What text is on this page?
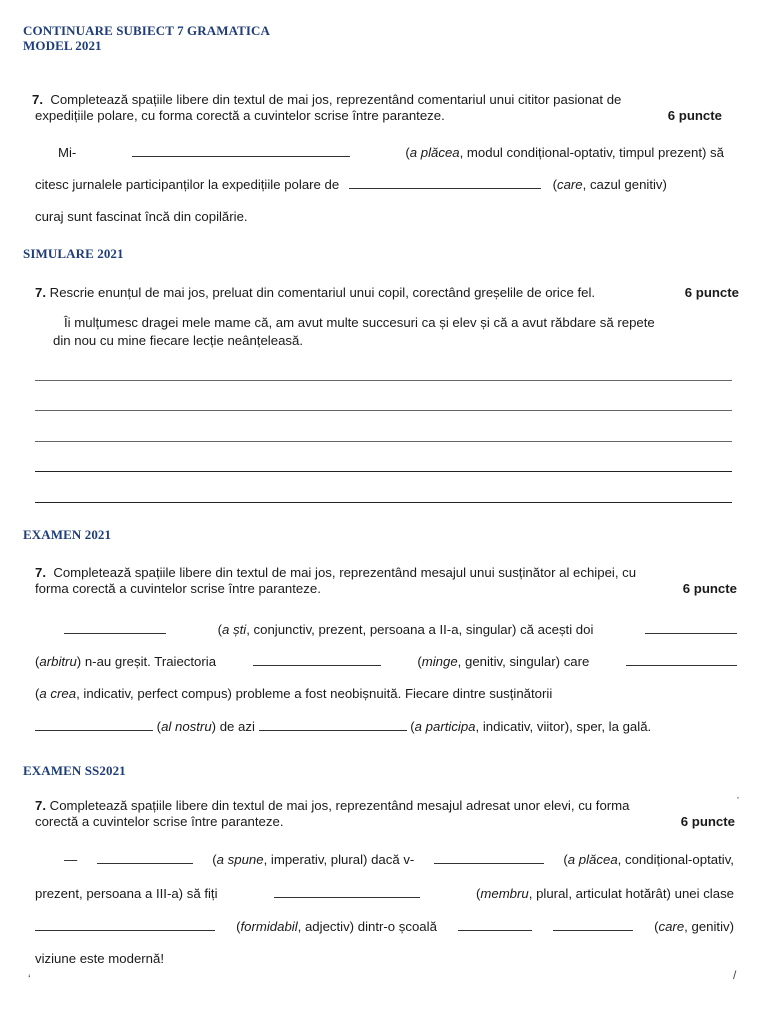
CONTINUARE SUBIECT 7 GRAMATICA
MODEL 2021
7. Completează spațiile libere din textul de mai jos, reprezentând comentariul unui cititor pasionat de
expedițiile polare, cu forma corectă a cuvintelor scrise între paranteze.	6 puncte
Mi-	(a plăcea, modul condițional-optativ, timpul prezent) să
citesc jurnalele participanților la expedițiile polare de	(care, cazul genitiv)
curaj sunt fascinat încă din copilărie.
SIMULARE 2021
7. Rescrie enunțul de mai jos, preluat din comentariul unui copil, corectând greșelile de orice fel.	6 puncte
Îi mulțumesc dragei mele mame că, am avut multe succesuri ca și elev și că a avut răbdare să repete
din nou cu mine fiecare lecție neânțeleasă.
EXAMEN 2021
7. Completează spațiile libere din textul de mai jos, reprezentând mesajul unui susținător al echipei, cu
forma corectă a cuvintelor scrise între paranteze.	6 puncte
(a ști, conjunctiv, prezent, persoana a II-a, singular) că acești doi
(arbitru) n-au greșit. Traiectoria	(minge, genitiv, singular) care
(a crea, indicativ, perfect compus) probleme a fost neobișnuită. Fiecare dintre susținătorii
(al nostru) de azi	(a participa, indicativ, viitor), sper, la gală.
EXAMEN SS2021
7. Completează spațiile libere din textul de mai jos, reprezentând mesajul adresat unor elevi, cu forma
corectă a cuvintelor scrise între paranteze.	6 puncte
—	(a spune, imperativ, plural) dacă v-	(a plăcea, condițional-optativ,
prezent, persoana a III-a) să fiți	(membru, plural, articulat hotărât) unei clase
(formidabil, adjectiv) dintr-o școală	(care, genitiv)
viziune este modernă!
‘	/
·
